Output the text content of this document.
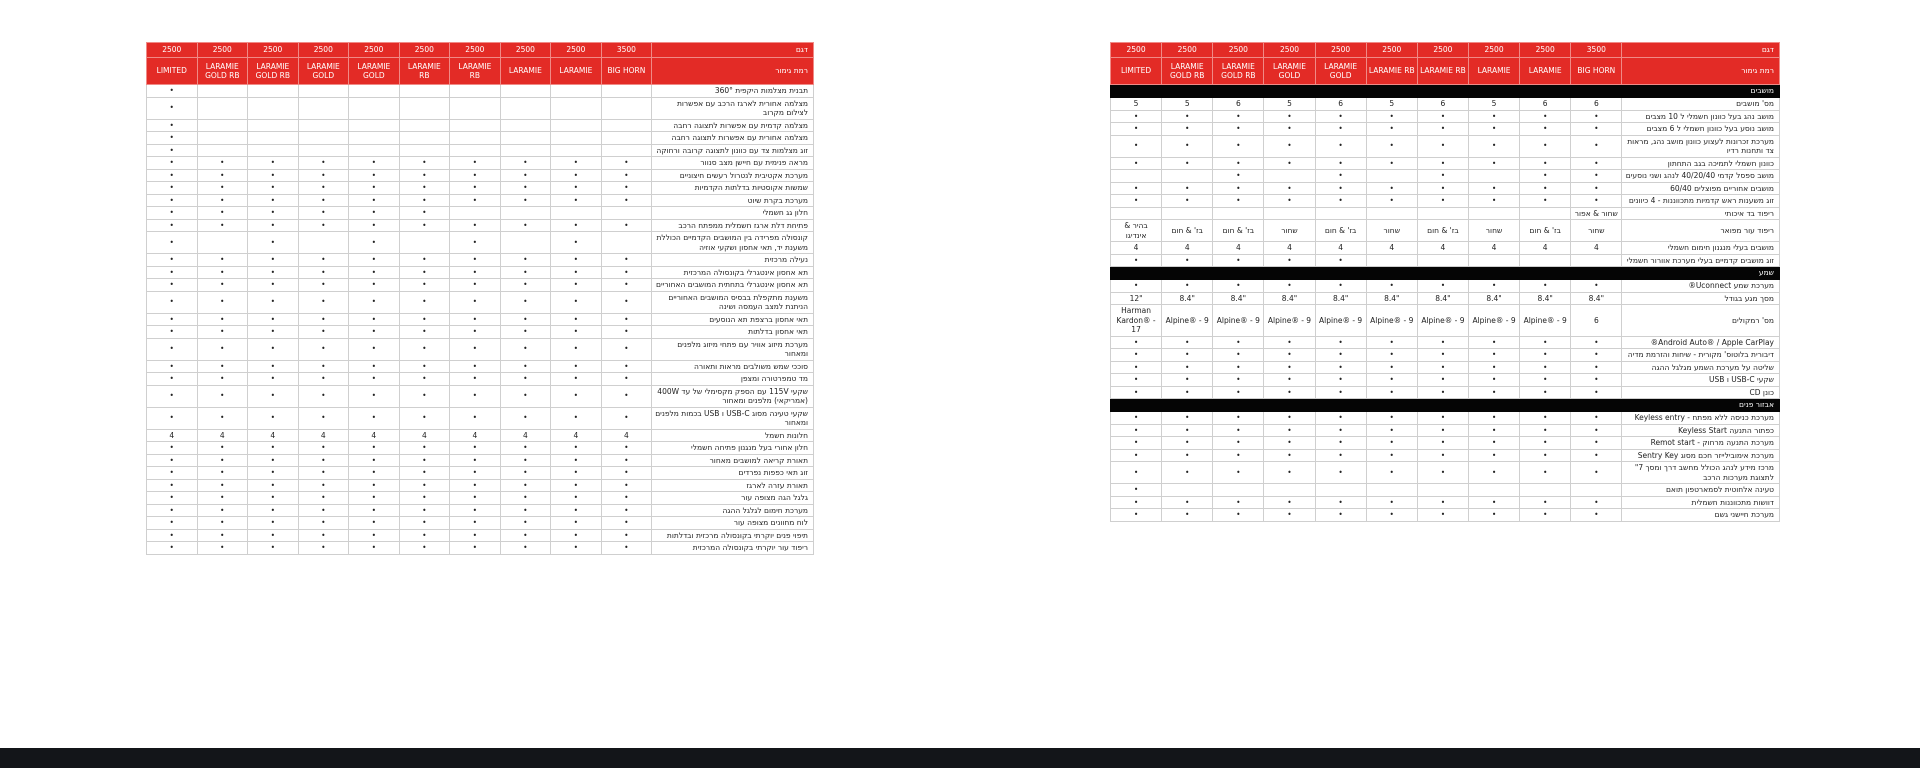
2500	2500	2500	2500	2500	2500	2500	2500	2500	3500	דגם
LIMITED	LARAMIE GOLD RB	LARAMIE GOLD RB	LARAMIE GOLD	LARAMIE GOLD	LARAMIE RB	LARAMIE RB	LARAMIE	LARAMIE	BIG HORN	רמת גימור
•										תבנית מצלמות היקפית 360°
•										מצלמה אחורית לארגז הרכב עם אפשרות לצילום מקרוב
•										מצלמה קדמית עם אפשרות לתצוגה רחבה
•										מצלמה אחורית עם אפשרות לתצוגה רחבה
•										זוג מצלמות צד עם כוונון לתצוגה קרובה ורחוקה
•	•	•	•	•	•	•	•	•	•	מראה פנימית עם חיישן מצב סנוור
•	•	•	•	•	•	•	•	•	•	מערכת אקטיבית לנטרול רעשים חיצוניים
•	•	•	•	•	•	•	•	•	•	שמשות אקוסטיות בדלתות הקדמיות
•	•	•	•	•	•	•	•	•	•	מערכת בקרת שיוט
•	•	•	•	•	•					חלון גג חשמלי
•	•	•	•	•	•	•	•	•	•	פתיחת דלת ארגז חשמלית ממפתח הרכב
•		•		•		•		•		קונסולה מפרידה בין המושבים הקדמיים הכוללת משענת יד, תאי אחסון ושקעי אוזיה
•	•	•	•	•	•	•	•	•	•	נעילה מרכזית
•	•	•	•	•	•	•	•	•	•	תא אחסון אינטגרלי בקונסולה המרכזית
•	•	•	•	•	•	•	•	•	•	תא אחסון אינטגרלי בתחתית המושבים האחוריים
•	•	•	•	•	•	•	•	•	•	משענת מתקפלת בבסיס המושבים האחוריים הניתנת למצב העמסה ושינה
•	•	•	•	•	•	•	•	•	•	תאי אחסון ברצפת תא הנוסעים
•	•	•	•	•	•	•	•	•	•	תאי אחסון בדלתות
•	•	•	•	•	•	•	•	•	•	מערכת מיזוג אוויר עם פתחי מיזוג מלפנים ומאחור
•	•	•	•	•	•	•	•	•	•	סוככי שמש משולבים מראות ותאורה
•	•	•	•	•	•	•	•	•	•	מד טמפרטורה ומצפן
•	•	•	•	•	•	•	•	•	•	שקעי 115V עם הספק מקסימלי של עד 400W (אמריקאי) מלפנים ומאחור
•	•	•	•	•	•	•	•	•	•	שקעי טעינה מסוג USB-C ו USB בכמות מלפנים ומאחור
4	4	4	4	4	4	4	4	4	4	חלונות חשמל
•	•	•	•	•	•	•	•	•	•	חלון אחורי בעל מנגנון פתיחה חשמלי
•	•	•	•	•	•	•	•	•	•	תאורת קריאה למושבים מאחור
•	•	•	•	•	•	•	•	•	•	זוג תאי כפפות נפרדים
•	•	•	•	•	•	•	•	•	•	תאורת עזרה לארגז
•	•	•	•	•	•	•	•	•	•	גלגל הגה מצופה עור
•	•	•	•	•	•	•	•	•	•	מערכת חימום לגלגל ההגה
•	•	•	•	•	•	•	•	•	•	לוח מחוונים מצופה עור
•	•	•	•	•	•	•	•	•	•	תיפוי פנים יוקרתי בקונסולה מרכזית ובדלתות
•	•	•	•	•	•	•	•	•	•	ריפוד עור יוקרתי בקונסולה המרכזית
2500	2500	2500	2500	2500	2500	2500	2500	2500	3500	דגם
LIMITED	LARAMIE GOLD RB	LARAMIE GOLD RB	LARAMIE GOLD	LARAMIE GOLD	LARAMIE RB	LARAMIE RB	LARAMIE	LARAMIE	BIG HORN	רמת גימור
מושבים										
5	5	6	5	6	5	6	5	6	6	מס' מושבים
•	•	•	•	•	•	•	•	•	•	מושב נהג בעל כוונון חשמלי ל 10 מצבים
•	•	•	•	•	•	•	•	•	•	מושב נוסע בעל כוונון חשמלי ל 6 מצבים
•	•	•	•	•	•	•	•	•	•	מערכת זכרונות לעצוע כוונון מושב נהג, מראות צד ותחנות רדיו
•	•	•	•	•	•	•	•	•	•	כוונון חשמלי לתמיכה בגב התחתון
		•		•		•		•	•	מושב ספסל קדמי 40/20/40 לנהג ושני נוסעים
•	•	•	•	•	•	•	•	•	•	מושבים אחוריים מפוצלים 60/40
•	•	•	•	•	•	•	•	•	•	זוג משענות ראש קדמיות מתכווננות - 4 כיוונים
									שחור & אפור	ריפוד בד איכותי
בהיר & אינדיגו	בז' & חום	בז' & חום	שחור	בז' & חום	שחור	בז' & חום	שחור	בז' & חום	שחור	ריפוד עור מפואר
4	4	4	4	4	4	4	4	4	4	מושבים בעלי מנגנון חימום חשמלי
•	•	•	•	•						זוג מושבים קדמיים בעלי מערכת אוורור חשמלי
שמע										
•	•	•	•	•	•	•	•	•	•	מערכת שמע Uconnect®
12"	8.4"	8.4"	8.4"	8.4"	8.4"	8.4"	8.4"	8.4"	8.4"	מסך מגע בגודל
Harman Kardon® - 17	Alpine® - 9	Alpine® - 9	Alpine® - 9	Alpine® - 9	Alpine® - 9	Alpine® - 9	Alpine® - 9	Alpine® - 9	6	מס' רמקולים
•	•	•	•	•	•	•	•	•	•	Android Auto® / Apple CarPlay®
•	•	•	•	•	•	•	•	•	•	דיבורית בלוטוס' מקורית - שיחות והזרמת מדיה
•	•	•	•	•	•	•	•	•	•	שליטה על מערכת השמע מגלגל ההגה
•	•	•	•	•	•	•	•	•	•	שקעי USB-C ו USB
•	•	•	•	•	•	•	•	•	•	כונן CD
אבזור פנים										
•	•	•	•	•	•	•	•	•	•	מערכת כניסה ללא מפתח - Keyless entry
•	•	•	•	•	•	•	•	•	•	כפתור התנעה Keyless Start
•	•	•	•	•	•	•	•	•	•	מערכת התנעה מרחוק - Remot start
•	•	•	•	•	•	•	•	•	•	מערכת אימובילייזר חכם מסוג Sentry Key
•	•	•	•	•	•	•	•	•	•	מרכז מידע לנהג הכולל מחשב דרך ומסך 7" לתצוגת מערכות הרכב
•										טעינה אלחוטית לסמארטפון תואם
•	•	•	•	•	•	•	•	•	•	דוושות מתכווננות חשמלית
•	•	•	•	•	•	•	•	•	•	מערכת חיישני גשם
